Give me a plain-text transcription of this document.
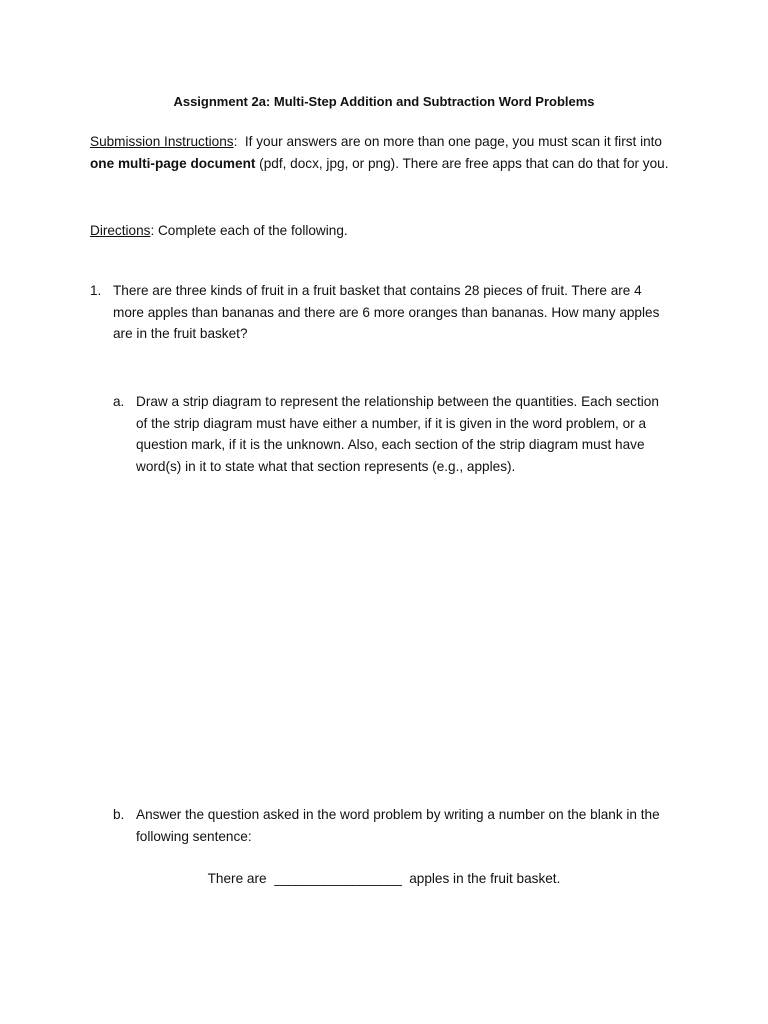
Assignment 2a: Multi-Step Addition and Subtraction Word Problems
Submission Instructions:  If your answers are on more than one page, you must scan it first into
one multi-page document (pdf, docx, jpg, or png). There are free apps that can do that for you.
Directions: Complete each of the following.
1. There are three kinds of fruit in a fruit basket that contains 28 pieces of fruit. There are 4
more apples than bananas and there are 6 more oranges than bananas. How many apples
are in the fruit basket?
a. Draw a strip diagram to represent the relationship between the quantities. Each section
of the strip diagram must have either a number, if it is given in the word problem, or a
question mark, if it is the unknown. Also, each section of the strip diagram must have
word(s) in it to state what that section represents (e.g., apples).
b. Answer the question asked in the word problem by writing a number on the blank in the
following sentence:
There are __________________ apples in the fruit basket.
